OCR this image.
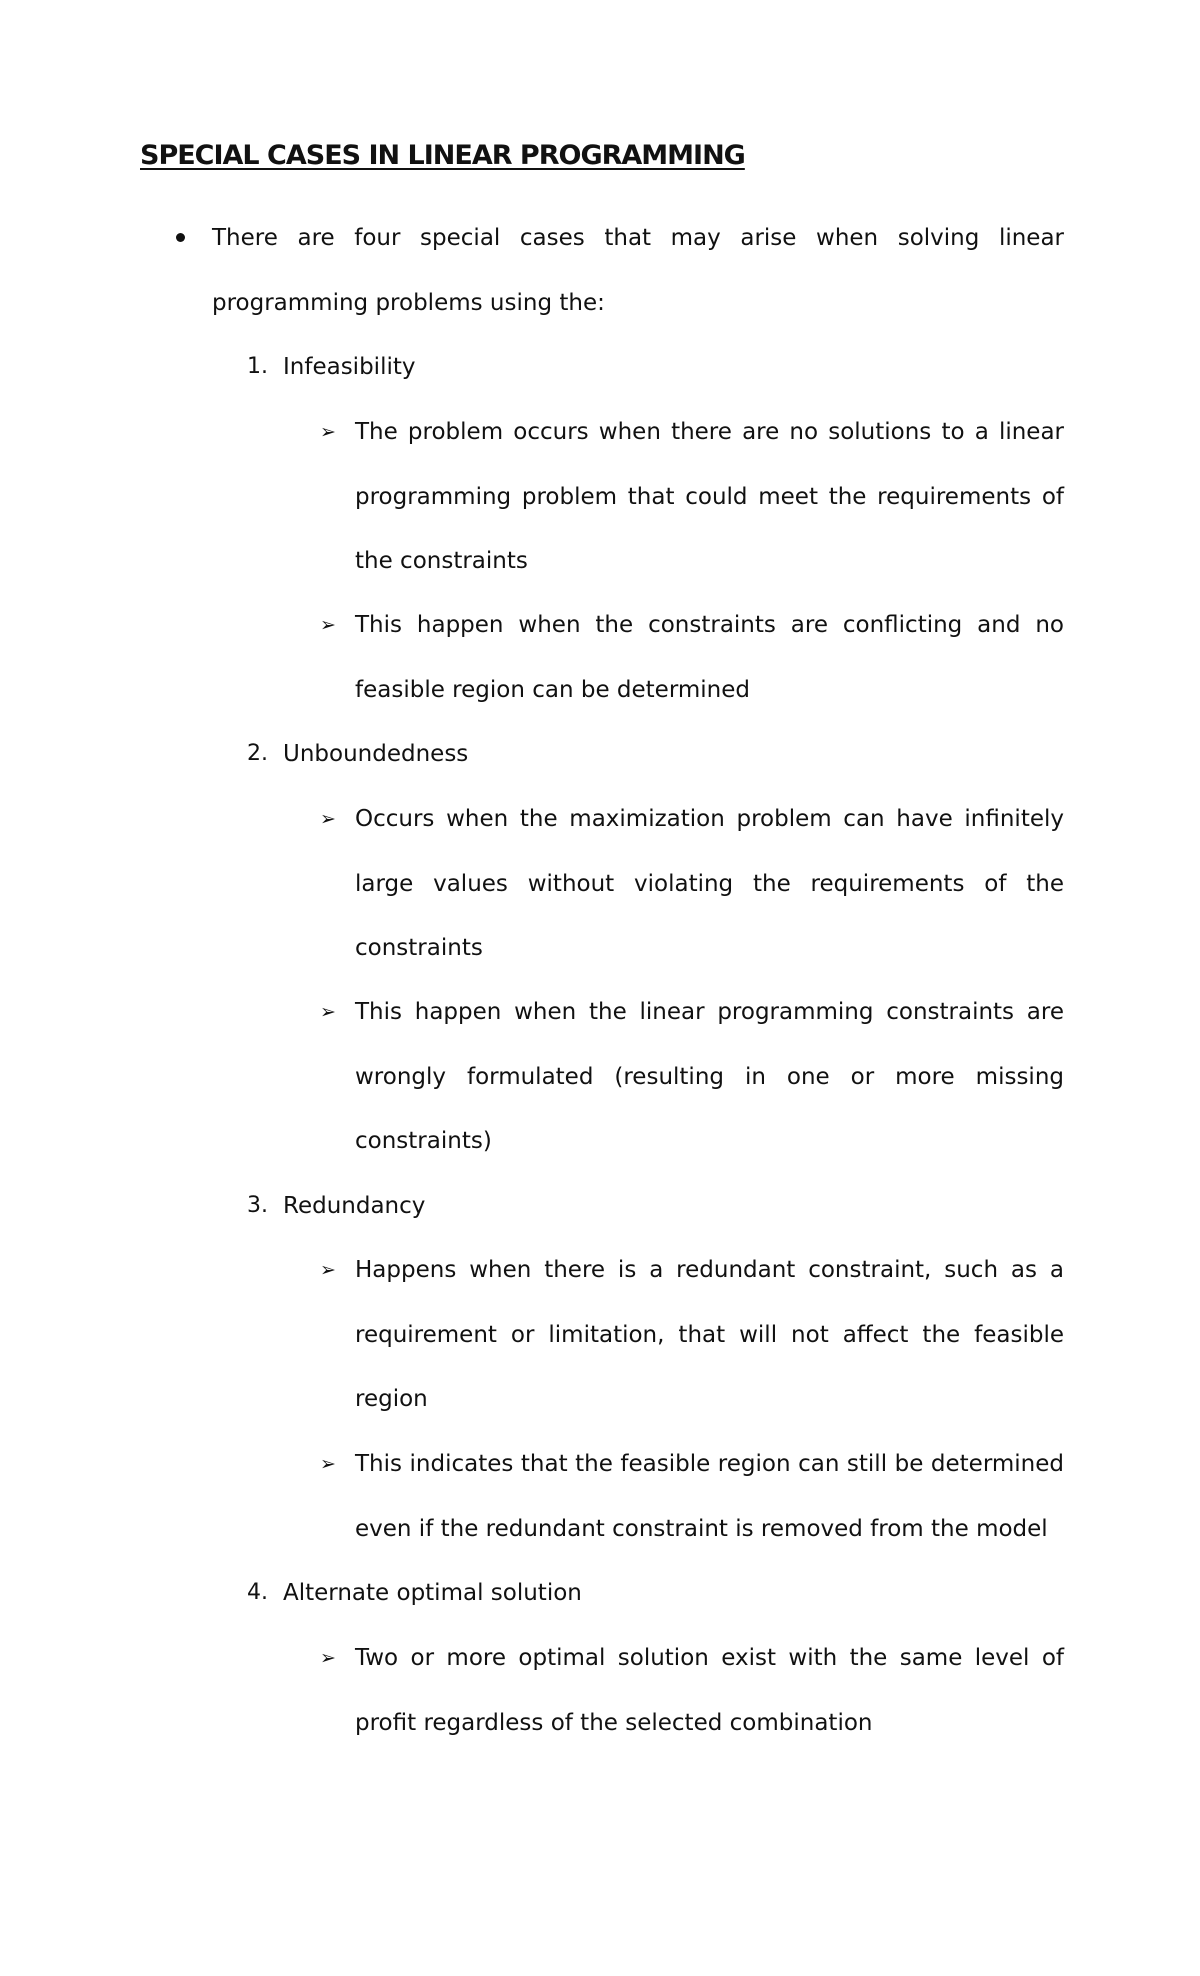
SPECIAL CASES IN LINEAR PROGRAMMING
There are four special cases that may arise when solving linear programming problems using the:
1. Infeasibility
➢ The problem occurs when there are no solutions to a linear programming problem that could meet the requirements of the constraints
➢ This happen when the constraints are conflicting and no feasible region can be determined
2. Unboundedness
➢ Occurs when the maximization problem can have infinitely large values without violating the requirements of the constraints
➢ This happen when the linear programming constraints are wrongly formulated (resulting in one or more missing constraints)
3. Redundancy
➢ Happens when there is a redundant constraint, such as a requirement or limitation, that will not affect the feasible region
➢ This indicates that the feasible region can still be determined even if the redundant constraint is removed from the model
4. Alternate optimal solution
➢ Two or more optimal solution exist with the same level of profit regardless of the selected combination
